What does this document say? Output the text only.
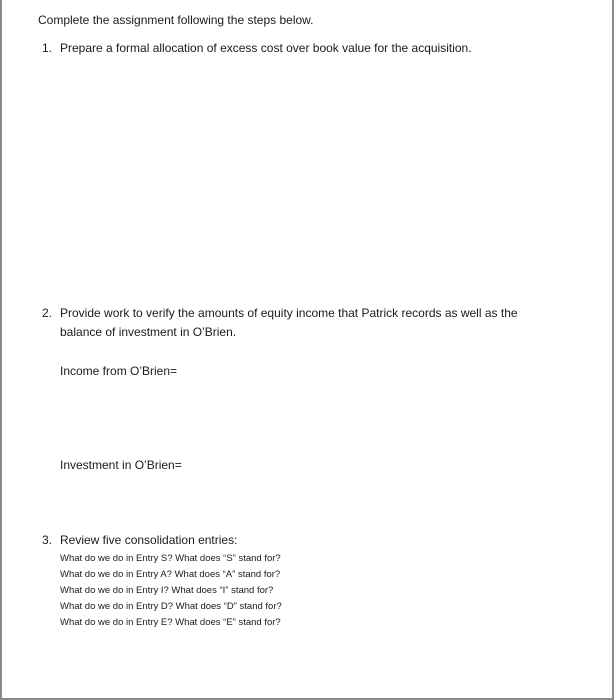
Complete the assignment following the steps below.
1. Prepare a formal allocation of excess cost over book value for the acquisition.
2. Provide work to verify the amounts of equity income that Patrick records as well as the
balance of investment in O’Brien.
Income from O’Brien=
Investment in O’Brien=
3. Review five consolidation entries:
What do we do in Entry S? What does “S” stand for?
What do we do in Entry A? What does “A” stand for?
What do we do in Entry I? What does “I” stand for?
What do we do in Entry D? What does “D” stand for?
What do we do in Entry E? What does “E” stand for?
